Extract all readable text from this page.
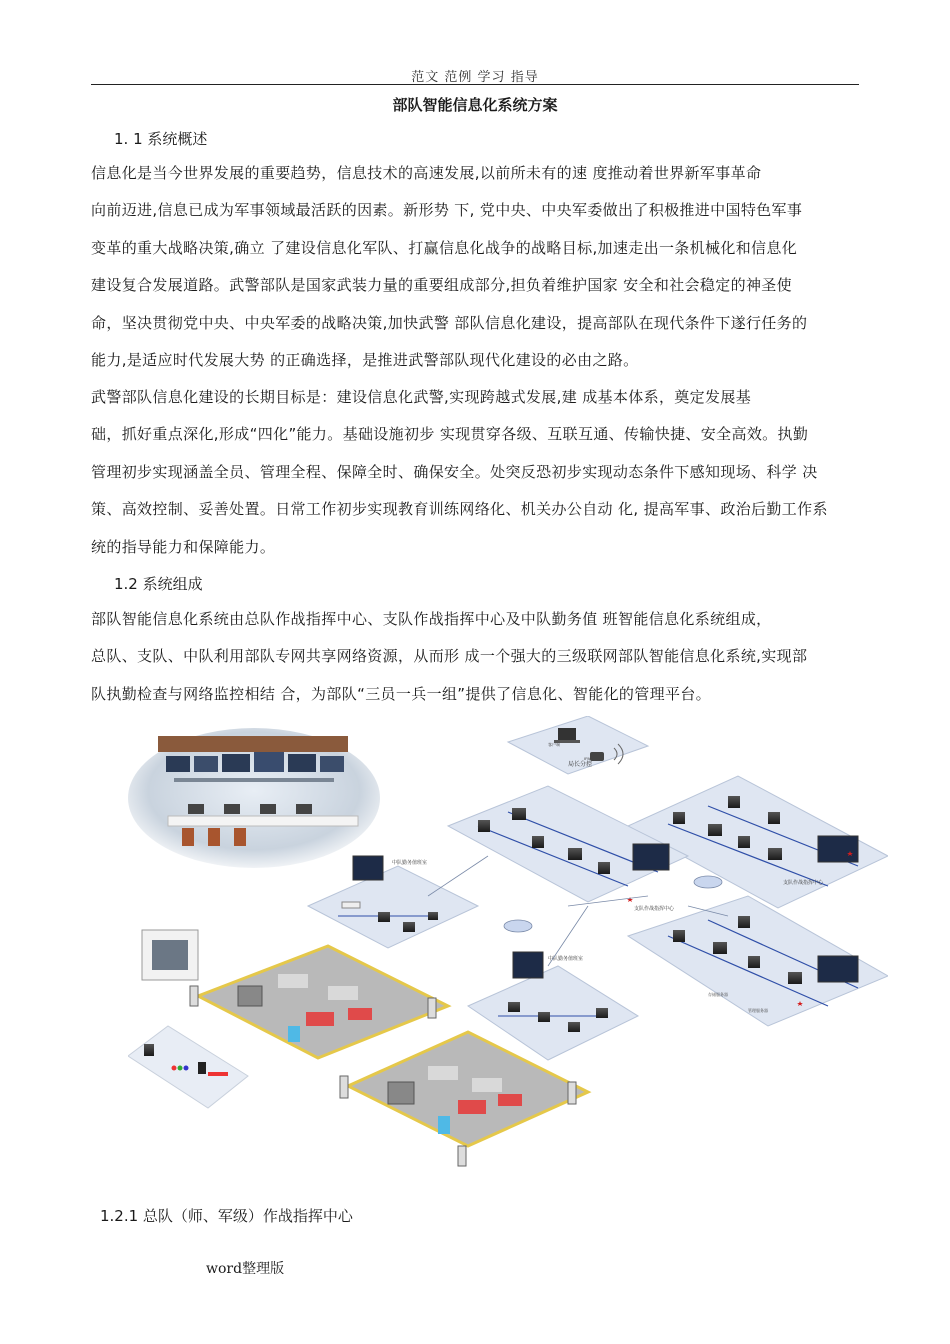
范文 范例 学习 指导
部队智能信息化系统方案
1. 1 系统概述

信息化是当今世界发展的重要趋势，信息技术的高速发展,以前所未有的速 度推动着世界新军事革命
向前迈进,信息已成为军事领域最活跃的因素。新形势 下, 党中央、中央军委做出了积极推进中国特色军事
变革的重大战略决策,确立 了建设信息化军队、打赢信息化战争的战略目标,加速走出一条机械化和信息化
建设复合发展道路。武警部队是国家武装力量的重要组成部分,担负着维护国家 安全和社会稳定的神圣使
命，坚决贯彻党中央、中央军委的战略决策,加快武警 部队信息化建设，提高部队在现代条件下遂行任务的
能力,是适应时代发展大势 的正确选择，是推进武警部队现代化建设的必由之路。

武警部队信息化建设的长期目标是：建设信息化武警,实现跨越式发展,建 成基本体系，奠定发展基
础，抓好重点深化,形成“四化”能力。基础设施初步 实现贯穿各级、互联互通、传输快捷、安全高效。执勤
管理初步实现涵盖全员、管理全程、保障全时、确保安全。处突反恐初步实现动态条件下感知现场、科学 决
策、高效控制、妥善处置。日常工作初步实现教育训练网络化、机关办公自动 化, 提高军事、政治后勤工作系
统的指导能力和保障能力。

1.2 系统组成

部队智能信息化系统由总队作战指挥中心、支队作战指挥中心及中队勤务值 班智能信息化系统组成，
总队、支队、中队利用部队专网共享网络资源，从而形 成一个强大的三级联网部队智能信息化系统,实现部
队执勤检查与网络监控相结 合，为部队“三员一兵一组”提供了信息化、智能化的管理平台。

局长分控
客户端
IPAD
支队作战指挥中心
支队作战指挥中心
存储服务器
管理服务器
中队勤务值班室
中队勤务值班室
1.2.1 总队（师、军级）作战指挥中心
word整理版
